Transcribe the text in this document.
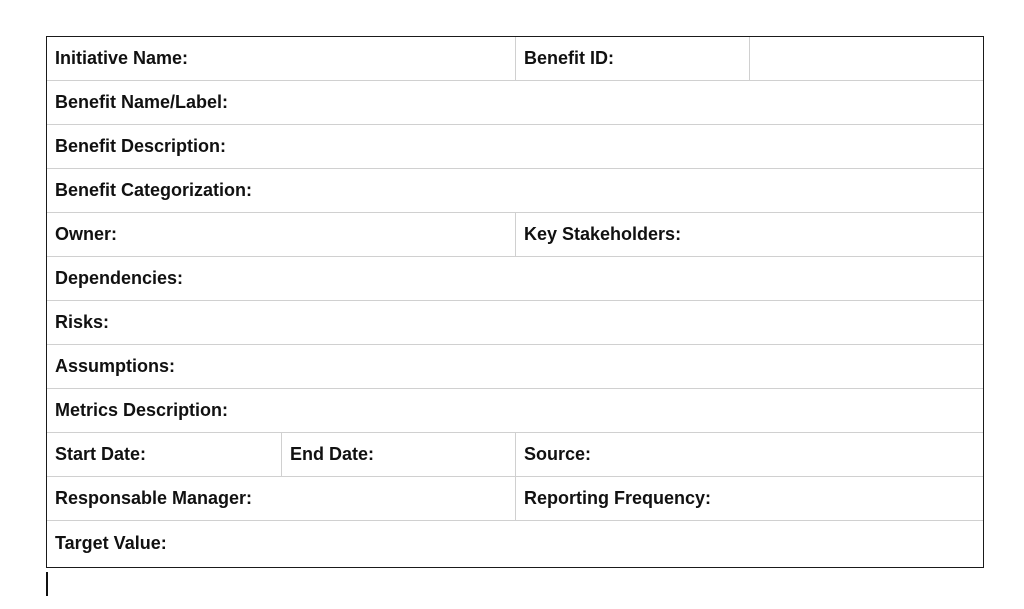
Initiative Name:	Benefit ID:
Benefit Name/Label:
Benefit Description:
Benefit Categorization:
Owner:	Key Stakeholders:
Dependencies:
Risks:
Assumptions:
Metrics Description:
Start Date:	End Date:	Source:
Responsable Manager:	Reporting Frequency:
Target Value:
